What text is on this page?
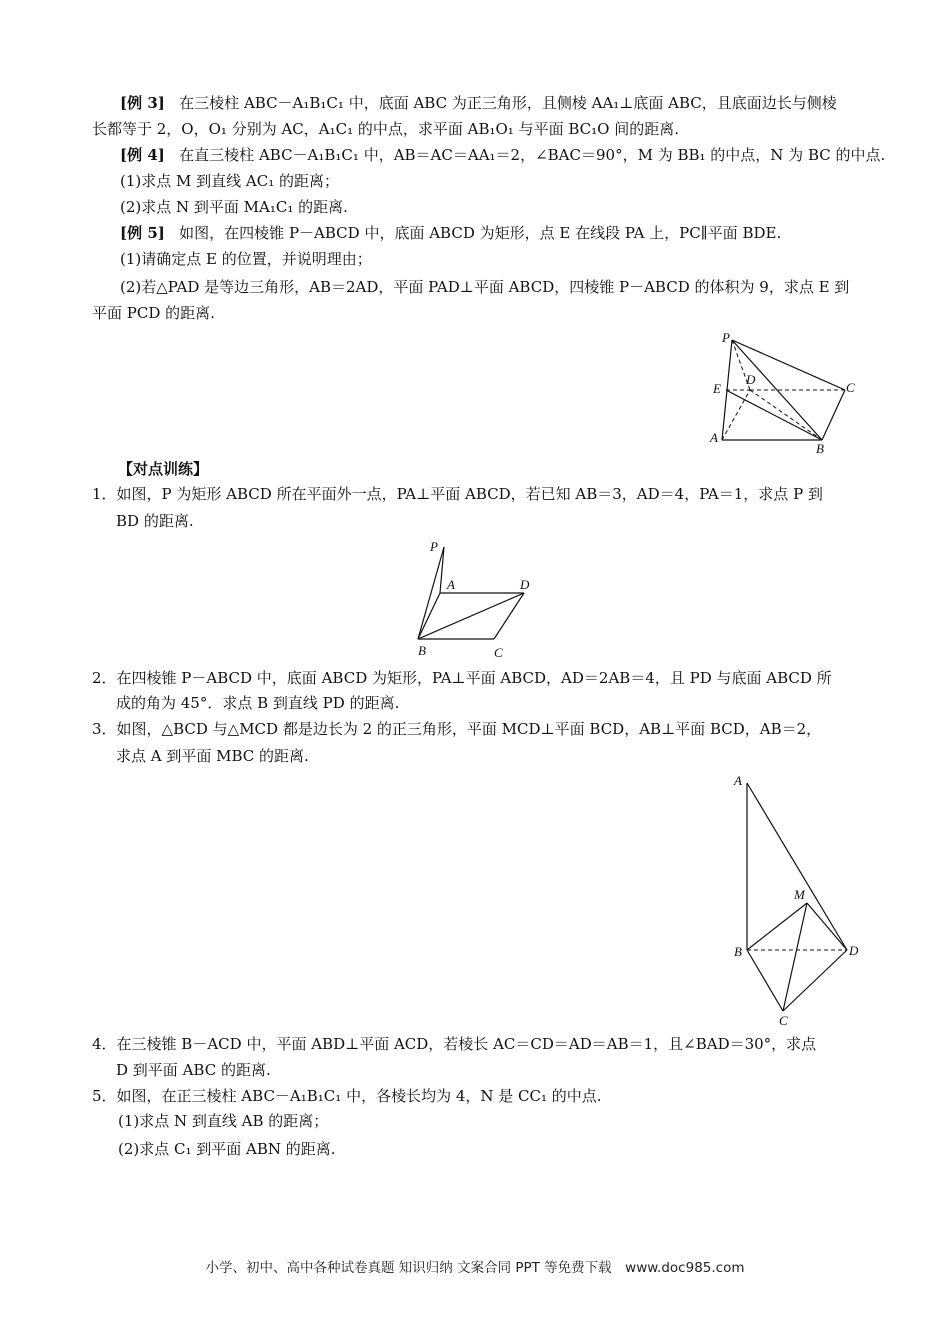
[例 3] 在三棱柱 ABC－A₁B₁C₁ 中，底面 ABC 为正三角形，且侧棱 AA₁⊥底面 ABC，且底面边长与侧棱
长都等于 2，O，O₁ 分别为 AC，A₁C₁ 的中点，求平面 AB₁O₁ 与平面 BC₁O 间的距离.
[例 4] 在直三棱柱 ABC－A₁B₁C₁ 中，AB＝AC＝AA₁＝2，∠BAC＝90°，M 为 BB₁ 的中点，N 为 BC 的中点.
(1)求点 M 到直线 AC₁ 的距离；
(2)求点 N 到平面 MA₁C₁ 的距离.
[例 5] 如图，在四棱锥 P－ABCD 中，底面 ABCD 为矩形，点 E 在线段 PA 上，PC∥平面 BDE.
(1)请确定点 E 的位置，并说明理由；
(2)若△PAD 是等边三角形，AB＝2AD，平面 PAD⊥平面 ABCD，四棱锥 P－ABCD 的体积为 9，求点 E 到
平面 PCD 的距离.
P
D
C
E
A
B
【对点训练】
1．如图，P 为矩形 ABCD 所在平面外一点，PA⊥平面 ABCD，若已知 AB＝3，AD＝4，PA＝1，求点 P 到
BD 的距离.
P
A	D
B	C
2．在四棱锥 P－ABCD 中，底面 ABCD 为矩形，PA⊥平面 ABCD，AD＝2AB＝4，且 PD 与底面 ABCD 所
成的角为 45°．求点 B 到直线 PD 的距离.
3．如图，△BCD 与△MCD 都是边长为 2 的正三角形，平面 MCD⊥平面 BCD，AB⊥平面 BCD，AB＝2，
求点 A 到平面 MBC 的距离.
A
M
B	D
C
4．在三棱锥 B－ACD 中，平面 ABD⊥平面 ACD，若棱长 AC＝CD＝AD＝AB＝1，且∠BAD＝30°，求点
D 到平面 ABC 的距离.
5．如图，在正三棱柱 ABC－A₁B₁C₁ 中，各棱长均为 4，N 是 CC₁ 的中点.
(1)求点 N 到直线 AB 的距离；
(2)求点 C₁ 到平面 ABN 的距离.
小学、初中、高中各种试卷真题 知识归纳 文案合同 PPT 等免费下载　www.doc985.com
